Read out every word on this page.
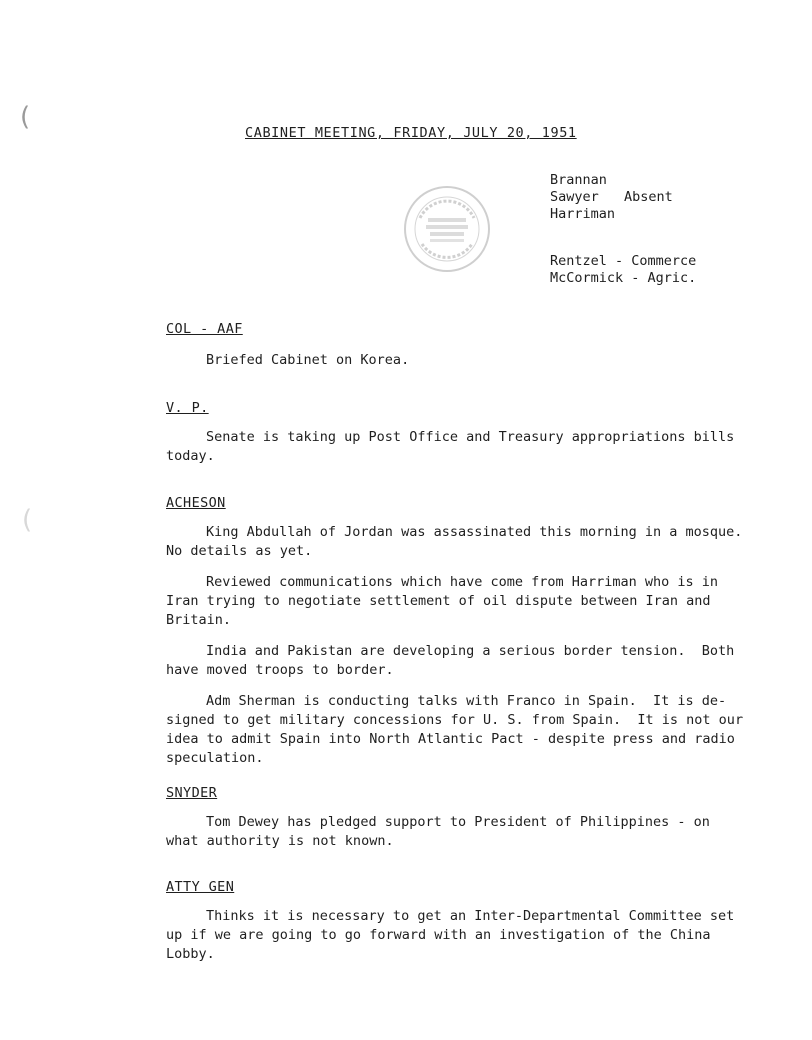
(
(
CABINET MEETING, FRIDAY, JULY 20, 1951
Brannan
Sawyer
Harriman
Absent
Rentzel - Commerce
McCormick - Agric.
COL - AAF

Briefed Cabinet on Korea.

V. P.

Senate is taking up Post Office and Treasury appropriations bills
today.

ACHESON

King Abdullah of Jordan was assassinated this morning in a mosque.
No details as yet.

Reviewed communications which have come from Harriman who is in
Iran trying to negotiate settlement of oil dispute between Iran and
Britain.

India and Pakistan are developing a serious border tension.  Both
have moved troops to border.

Adm Sherman is conducting talks with Franco in Spain.  It is de-
signed to get military concessions for U. S. from Spain.  It is not our
idea to admit Spain into North Atlantic Pact - despite press and radio
speculation.

SNYDER

Tom Dewey has pledged support to President of Philippines - on
what authority is not known.

ATTY GEN

Thinks it is necessary to get an Inter-Departmental Committee set
up if we are going to go forward with an investigation of the China
Lobby.
